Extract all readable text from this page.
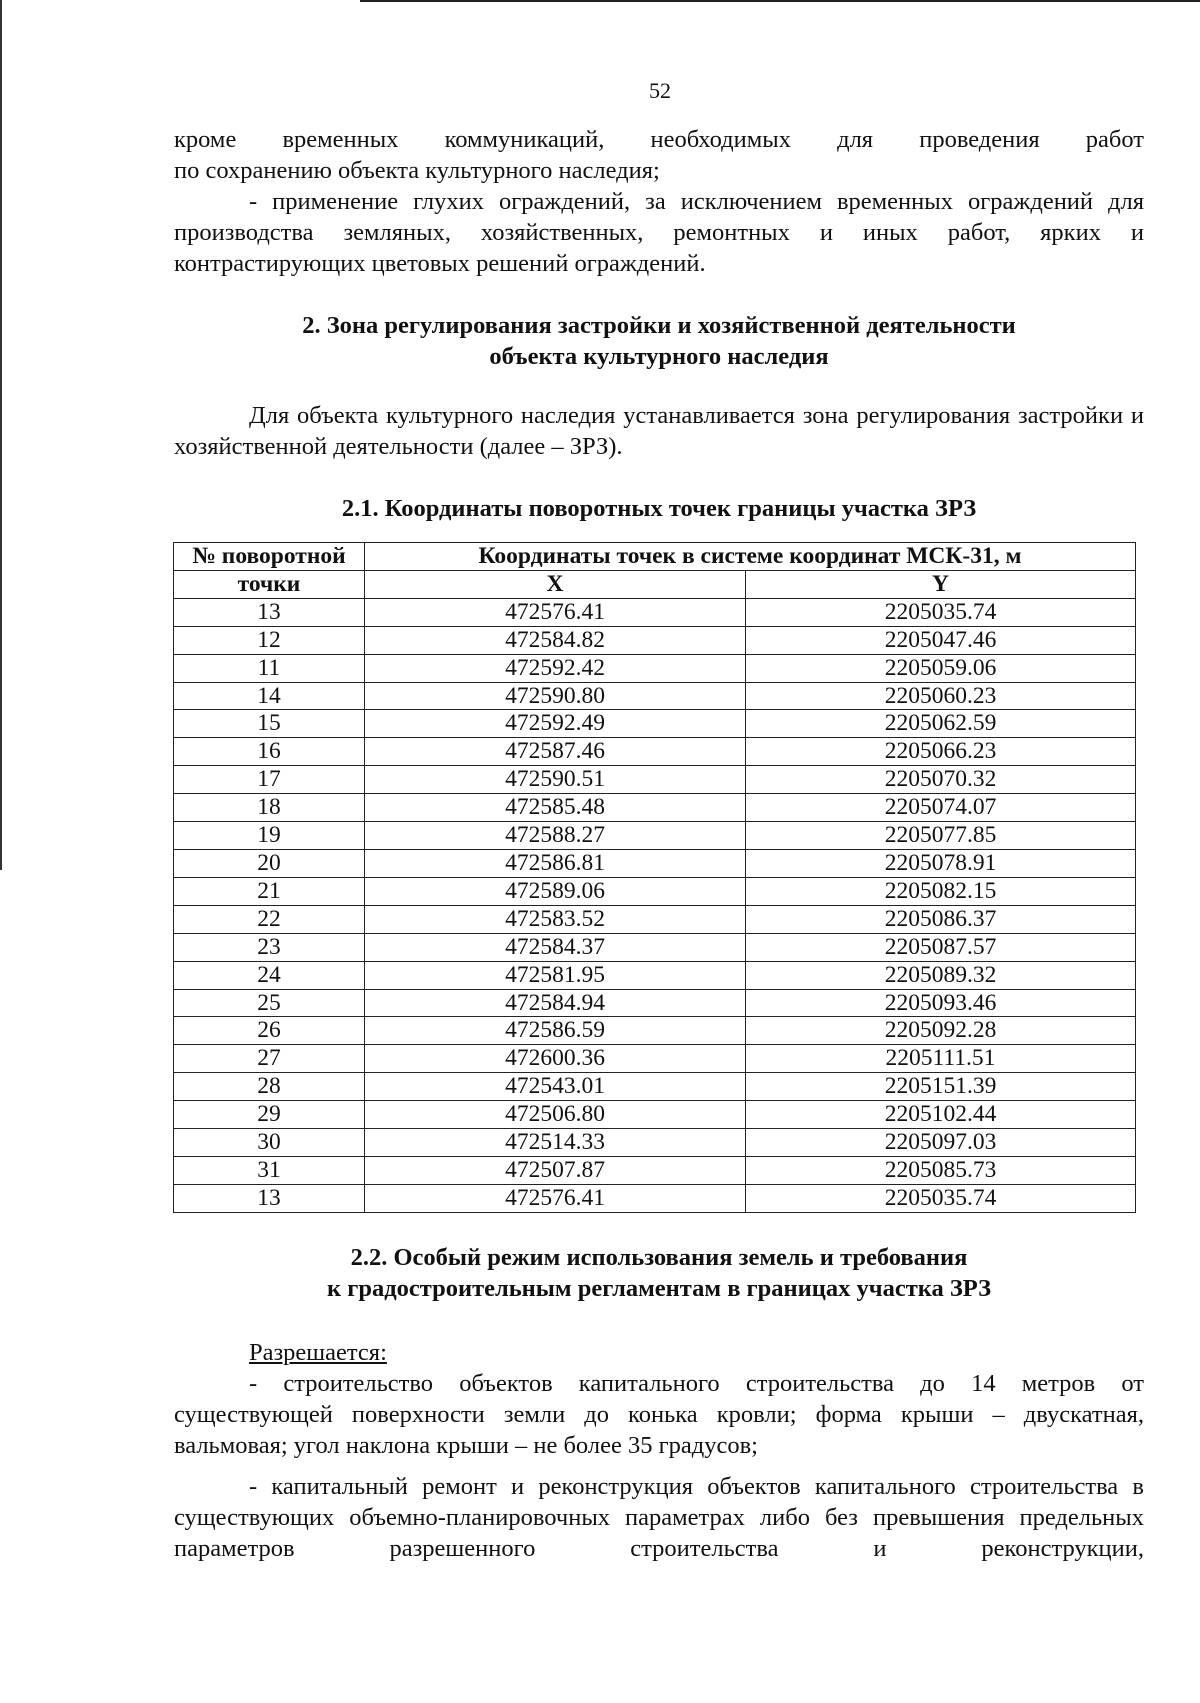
52

кроме временных коммуникаций, необходимых для проведения работ

по сохранению объекта культурного наследия;

- применение глухих ограждений, за исключением временных ограждений для производства земляных, хозяйственных, ремонтных и иных работ, ярких и контрастирующих цветовых решений ограждений.

2. Зона регулирования застройки и хозяйственной деятельности
объекта культурного наследия

Для объекта культурного наследия устанавливается зона регулирования застройки и хозяйственной деятельности (далее – ЗРЗ).

2.1. Координаты поворотных точек границы участка ЗРЗ
№ поворотной	Координаты точек в системе координат МСК-31, м	
точки	X	Y
13	472576.41	2205035.74
12	472584.82	2205047.46
11	472592.42	2205059.06
14	472590.80	2205060.23
15	472592.49	2205062.59
16	472587.46	2205066.23
17	472590.51	2205070.32
18	472585.48	2205074.07
19	472588.27	2205077.85
20	472586.81	2205078.91
21	472589.06	2205082.15
22	472583.52	2205086.37
23	472584.37	2205087.57
24	472581.95	2205089.32
25	472584.94	2205093.46
26	472586.59	2205092.28
27	472600.36	2205111.51
28	472543.01	2205151.39
29	472506.80	2205102.44
30	472514.33	2205097.03
31	472507.87	2205085.73
13	472576.41	2205035.74
2.2. Особый режим использования земель и требования
к градостроительным регламентам в границах участка ЗРЗ

Разрешается:

- строительство объектов капитального строительства до 14 метров от существующей поверхности земли до конька кровли; форма крыши – двускатная, вальмовая; угол наклона крыши – не более 35 градусов;

- капитальный ремонт и реконструкция объектов капитального строительства в существующих объемно-планировочных параметрах либо без превышения предельных параметров разрешенного строительства и реконструкции,
